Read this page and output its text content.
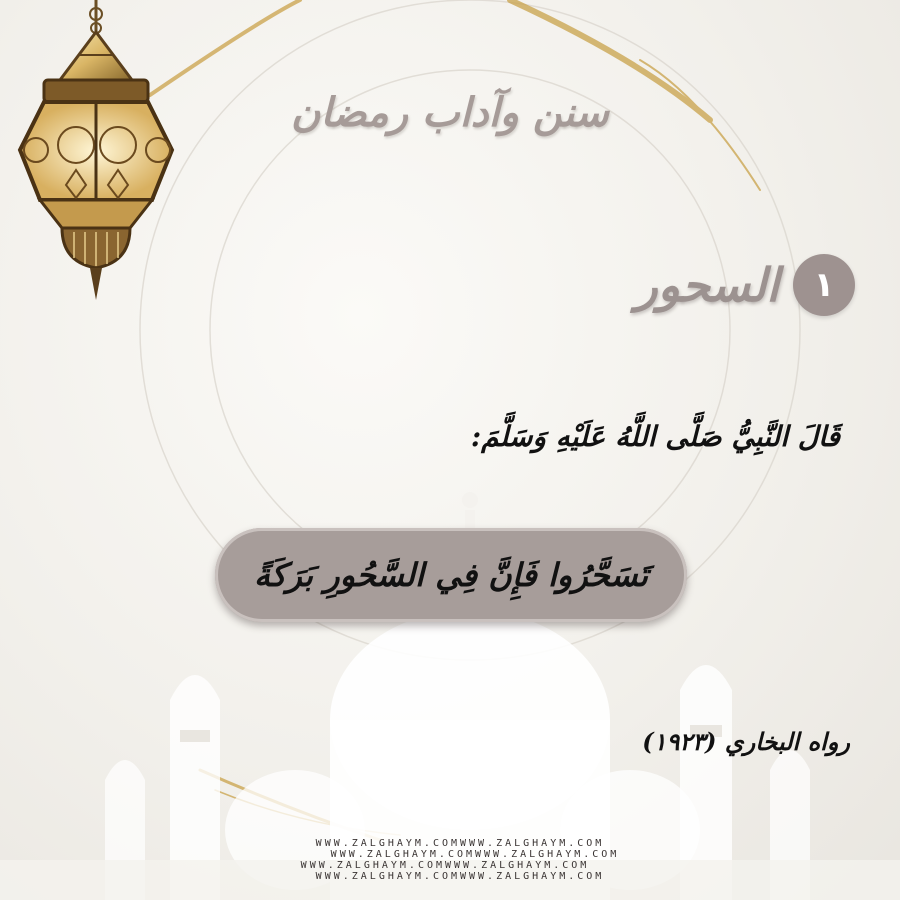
سنن وآداب رمضان
١
السحور
قَالَ النَّبِيُّ صَلَّى اللَّهُ عَلَيْهِ وَسَلَّمَ:
تَسَحَّرُوا فَإِنَّ فِي السَّحُورِ بَرَكَةً
رواه البخاري (١٩٢٣)
WWW.ZALGHAYM.COMWWW.ZALGHAYM.COM
WWW.ZALGHAYM.COMWWW.ZALGHAYM.COM
WWW.ZALGHAYM.COMWWW.ZALGHAYM.COM
WWW.ZALGHAYM.COMWWW.ZALGHAYM.COM
